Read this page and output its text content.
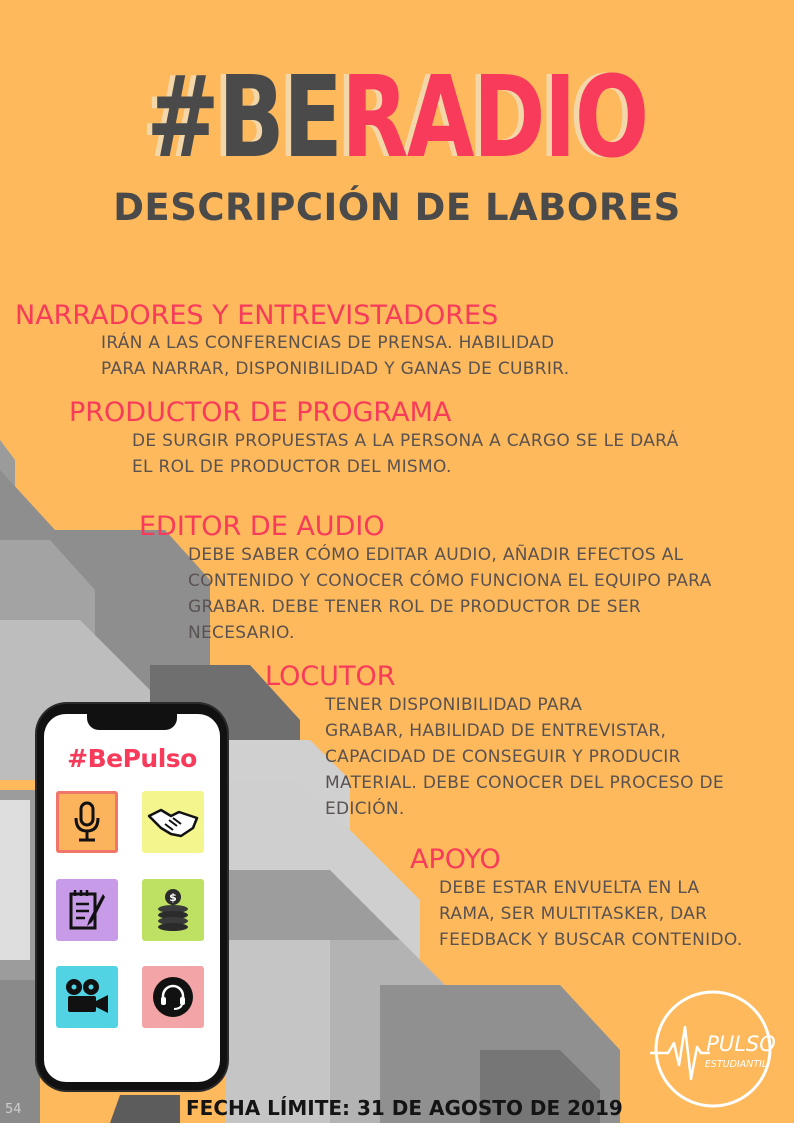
#BERADIO
DESCRIPCIÓN DE LABORES
NARRADORES Y ENTREVISTADORES
IRÁN A LAS CONFERENCIAS DE PRENSA. HABILIDAD
PARA NARRAR, DISPONIBILIDAD Y GANAS DE CUBRIR.
PRODUCTOR DE PROGRAMA
DE SURGIR PROPUESTAS A LA PERSONA A CARGO SE LE DARÁ
EL ROL DE PRODUCTOR DEL MISMO.
EDITOR DE AUDIO
DEBE SABER CÓMO EDITAR AUDIO, AÑADIR EFECTOS AL
CONTENIDO Y CONOCER CÓMO FUNCIONA EL EQUIPO PARA
GRABAR. DEBE TENER ROL DE PRODUCTOR DE SER
NECESARIO.
LOCUTOR
TENER DISPONIBILIDAD PARA
GRABAR, HABILIDAD DE ENTREVISTAR,
CAPACIDAD DE CONSEGUIR Y PRODUCIR
MATERIAL. DEBE CONOCER DEL PROCESO DE
EDICIÓN.
APOYO
DEBE ESTAR ENVUELTA EN LA
RAMA, SER MULTITASKER, DAR
FEEDBACK Y BUSCAR CONTENIDO.
#BePulso
$
PULSO
ESTUDIANTIL
54	FECHA LÍMITE: 31 DE AGOSTO DE 2019
